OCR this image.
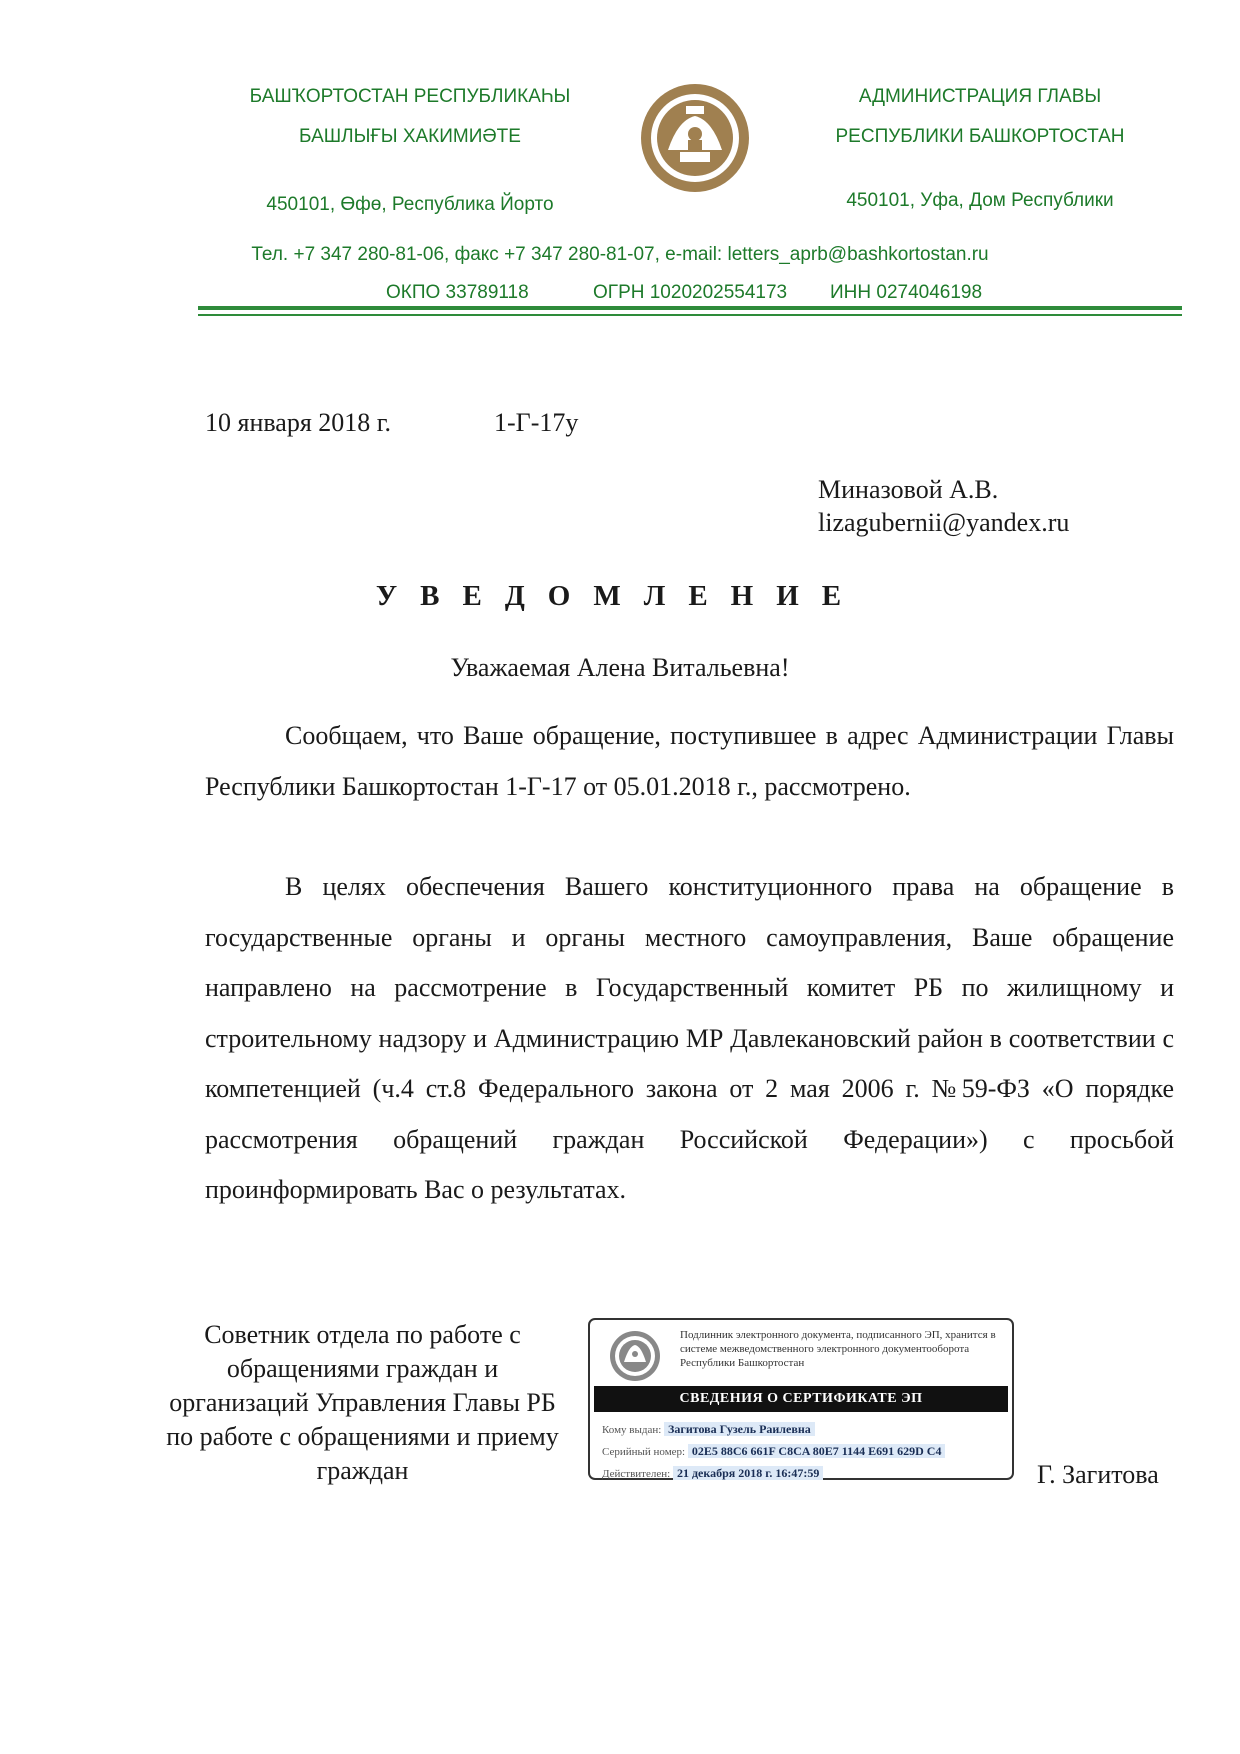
БАШҠОРТОСТАН РЕСПУБЛИКАҺЫ
БАШЛЫҒЫ ХАКИМИӘТЕ
450101, Өфө, Республика Йорто
АДМИНИСТРАЦИЯ ГЛАВЫ
РЕСПУБЛИКИ БАШКОРТОСТАН
450101, Уфа, Дом Республики
Тел. +7 347 280-81-06, факс +7 347 280-81-07, e-mail: letters_aprb@bashkortostan.ru
ОКПО 33789118	ОГРН 1020202554173 ИНН 0274046198
10 января 2018 г.	1-Г-17у
Миназовой А.В.
lizagubernii@yandex.ru
УВЕДОМЛЕНИЕ
Уважаемая Алена Витальевна!
Сообщаем, что Ваше обращение, поступившее в адрес Администрации Главы Республики Башкортостан 1-Г-17 от 05.01.2018 г., рассмотрено.
В целях обеспечения Вашего конституционного права на обращение в государственные органы и органы местного самоуправления, Ваше обращение направлено на рассмотрение в Государственный комитет РБ по жилищному и строительному надзору и Администрацию МР Давлекановский район в соответствии с компетенцией (ч.4 ст.8 Федерального закона от 2 мая 2006 г. №59-ФЗ «О порядке рассмотрения обращений граждан Российской Федерации») с просьбой проинформировать Вас о результатах.
Советник отдела по работе с обращениями граждан и организаций Управления Главы РБ по работе с обращениями и приему граждан
Подлинник электронного документа, подписанного ЭП, хранится в системе межведомственного электронного документооборота Республики Башкортостан
СВЕДЕНИЯ О СЕРТИФИКАТЕ ЭП
Кому выдан: Загитова Гузель Раилевна
Серийный номер: 02E5 88C6 661F C8CA 80E7 1144 E691 629D C4
Действителен: 21 декабря 2018 г. 16:47:59	Г. Загитова
